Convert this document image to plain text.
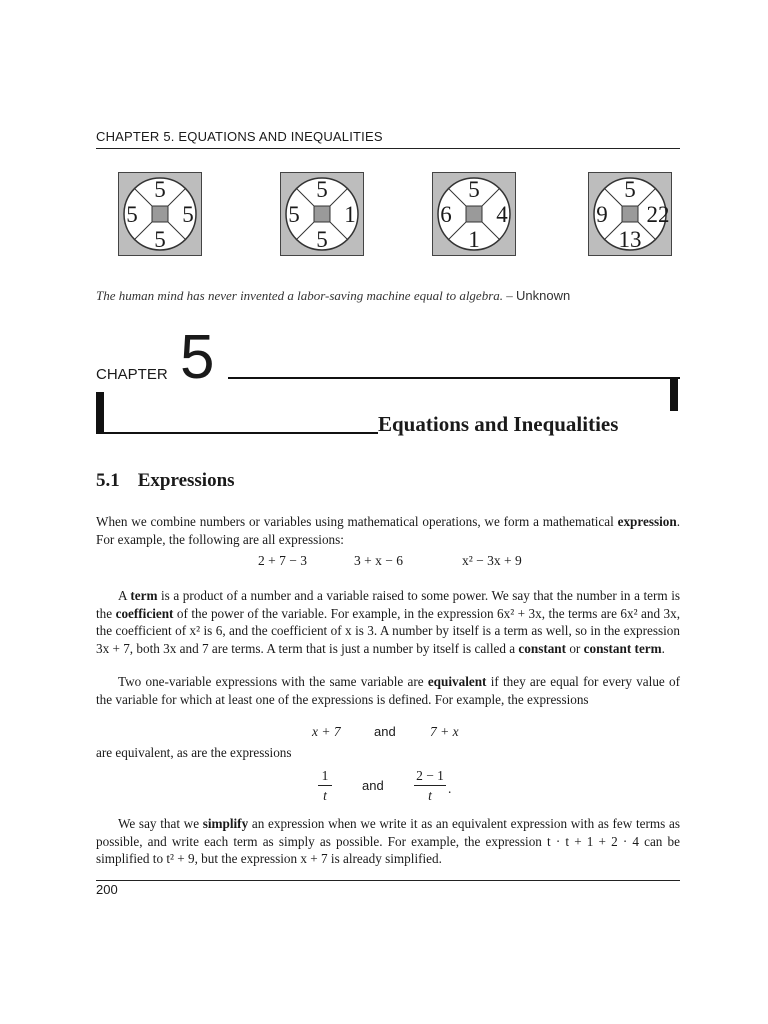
CHAPTER 5. EQUATIONS AND INEQUALITIES
5
5	5
5
5
5	1
5
5
6	4
1
5
9	22
13
The human mind has never invented a labor-saving machine equal to algebra. – Unknown
CHAPTER 5
Equations and Inequalities
5.1 Expressions
When we combine numbers or variables using mathematical operations, we form a mathematical expression. For example, the following are all expressions:
2 + 7 − 3	3 + x − 6	x² − 3x + 9
A term is a product of a number and a variable raised to some power. We say that the number in a term is the coefficient of the power of the variable. For example, in the expression 6x² + 3x, the terms are 6x² and 3x, the coefficient of x² is 6, and the coefficient of x is 3. A number by itself is a term as well, so in the expression 3x + 7, both 3x and 7 are terms. A term that is just a number by itself is called a constant or constant term.
Two one-variable expressions with the same variable are equivalent if they are equal for every value of the variable for which at least one of the expressions is defined. For example, the expressions
x + 7	and	7 + x
are equivalent, as are the expressions
1
t
and
2 − 1
t	.
We say that we simplify an expression when we write it as an equivalent expression with as few terms as possible, and write each term as simply as possible. For example, the expression t · t + 1 + 2 · 4 can be simplified to t² + 9, but the expression x + 7 is already simplified.
200
